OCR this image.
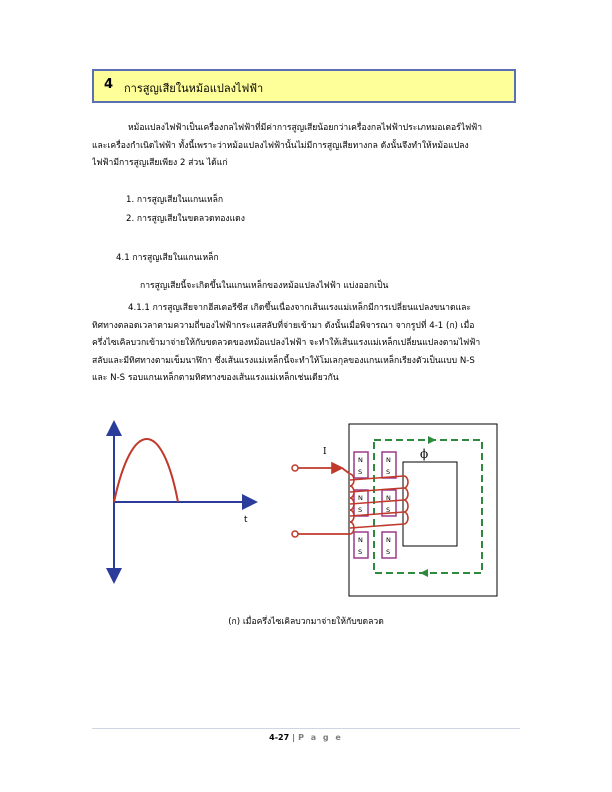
4 การสูญเสียในหม้อแปลงไฟฟ้า

หม้อแปลงไฟฟ้าเป็นเครื่องกลไฟฟ้าที่มีค่าการสูญเสียน้อยกว่าเครื่องกลไฟฟ้าประเภทมอเตอร์ไฟฟ้า
และเครื่องกำเนิดไฟฟ้า ทั้งนี้เพราะว่าหม้อแปลงไฟฟ้านั้นไม่มีการสูญเสียทางกล ดังนั้นจึงทำให้หม้อแปลง
ไฟฟ้ามีการสูญเสียเพียง 2 ส่วน ได้แก่

1. การสูญเสียในแกนเหล็ก
2. การสูญเสียในขดลวดทองแดง
4.1 การสูญเสียในแกนเหล็ก
การสูญเสียนี้จะเกิดขึ้นในแกนเหล็กของหม้อแปลงไฟฟ้า แบ่งออกเป็น

4.1.1 การสูญเสียจากฮีสเตอรีซีส เกิดขึ้นเนื่องจากเส้นแรงแม่เหล็กมีการเปลี่ยนแปลงขนาดและ
ทิศทางตลอดเวลาตามความถี่ของไฟฟ้ากระแสสลับที่จ่ายเข้ามา ดังนั้นเมื่อพิจารณา จากรูปที่ 4-1 (ก) เมื่อ
ครึ่งไซเคิลบวกเข้ามาจ่ายให้กับขดลวดของหม้อแปลงไฟฟ้า จะทำให้เส้นแรงแม่เหล็กเปลี่ยนแปลงตามไฟฟ้า
สลับและมีทิศทางตามเข็มนาฬิกา ซึ่งเส้นแรงแม่เหล็กนี้จะทำให้โมเลกุลของแกนเหล็กเรียงตัวเป็นแบบ N-S
และ N-S รอบแกนเหล็กตามทิศทางของเส้นแรงแม่เหล็กเช่นเดียวกัน

t
ϕ
N
S
N
S
N
S
N
S
N
S
N
S
I
(ก) เมื่อครึ่งไซเคิลบวกมาจ่ายให้กับขดลวด
4-27 | P a g e
